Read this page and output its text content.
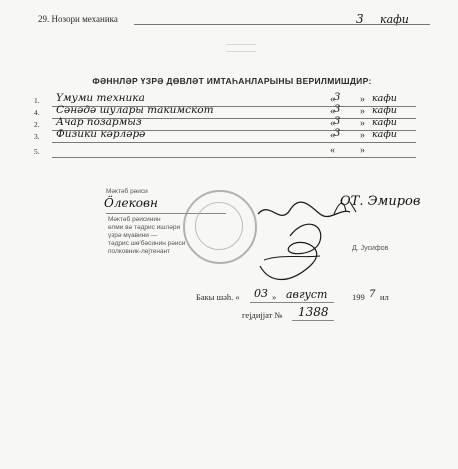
29. Нозори механика	3 кафи
ФӘННЛӘР ҮЗРӘ ДӨВЛӘТ ИМТАҺАНЛАРЫНЫ ВЕРИЛМИШДИР:
1. Үмуми техника	« 3 » кафи
4. Сәнәдә шулары такимскот	« 3 » кафи
2. Ачар позармыз	« 3 » кафи
3. Физики кәрләрә	« 3 » кафи
5.	«	»
Мәктәб рәиси
Ӧлековн
Мәктәб рәисинин
елми вә тәдрис ишләри
үзрә мүавини —
тәдрис шө'бәсинин рәиси
полковник-лејтенант	Д. Јусифов
ОТ. Эмиров
Бакы шәһ. « 03 » август	199 7 ил
гејдијјат № 1388
